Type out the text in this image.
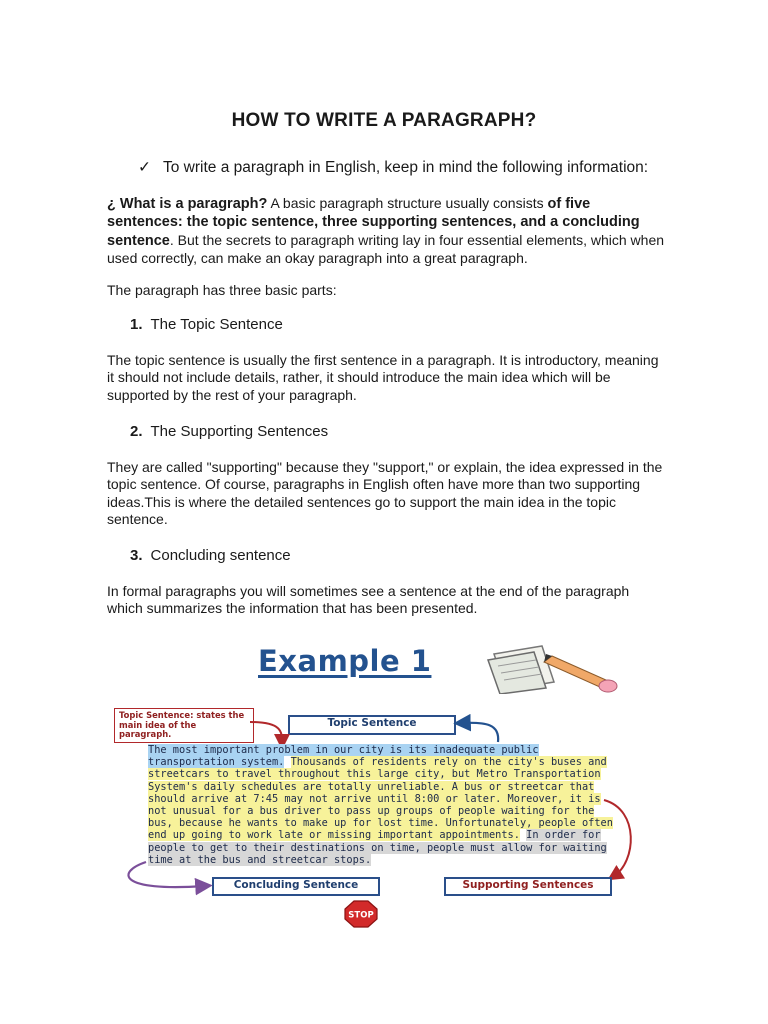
HOW TO WRITE A PARAGRAPH?
✓ To write a paragraph in English, keep in mind the following information:
¿ What is a paragraph? A basic paragraph structure usually consists of five sentences: the topic sentence, three supporting sentences, and a concluding sentence. But the secrets to paragraph writing lay in four essential elements, which when used correctly, can make an okay paragraph into a great paragraph.
The paragraph has three basic parts:
1. The Topic Sentence
The topic sentence is usually the first sentence in a paragraph. It is introductory, meaning it should not include details, rather, it should introduce the main idea which will be supported by the rest of your paragraph.
2. The Supporting Sentences
They are called "supporting" because they "support," or explain, the idea expressed in the topic sentence. Of course, paragraphs in English often have more than two supporting ideas.This is where the detailed sentences go to support the main idea in the topic sentence.
3. Concluding sentence
In formal paragraphs you will sometimes see a sentence at the end of the paragraph which summarizes the information that has been presented.
Example 1
Topic Sentence: states the main idea of the paragraph.
Topic Sentence
The most important problem in our city is its inadequate public transportation system. Thousands of residents rely on the city's buses and streetcars to travel throughout this large city, but Metro Transportation System's daily schedules are totally unreliable. A bus or streetcar that should arrive at 7:45 may not arrive until 8:00 or later. Moreover, it is not unusual for a bus driver to pass up groups of people waiting for the bus, because he wants to make up for lost time. Unfortunately, people often end up going to work late or missing important appointments. In order for people to get to their destinations on time, people must allow for waiting time at the bus and streetcar stops.
Concluding Sentence	Supporting Sentences
STOP
